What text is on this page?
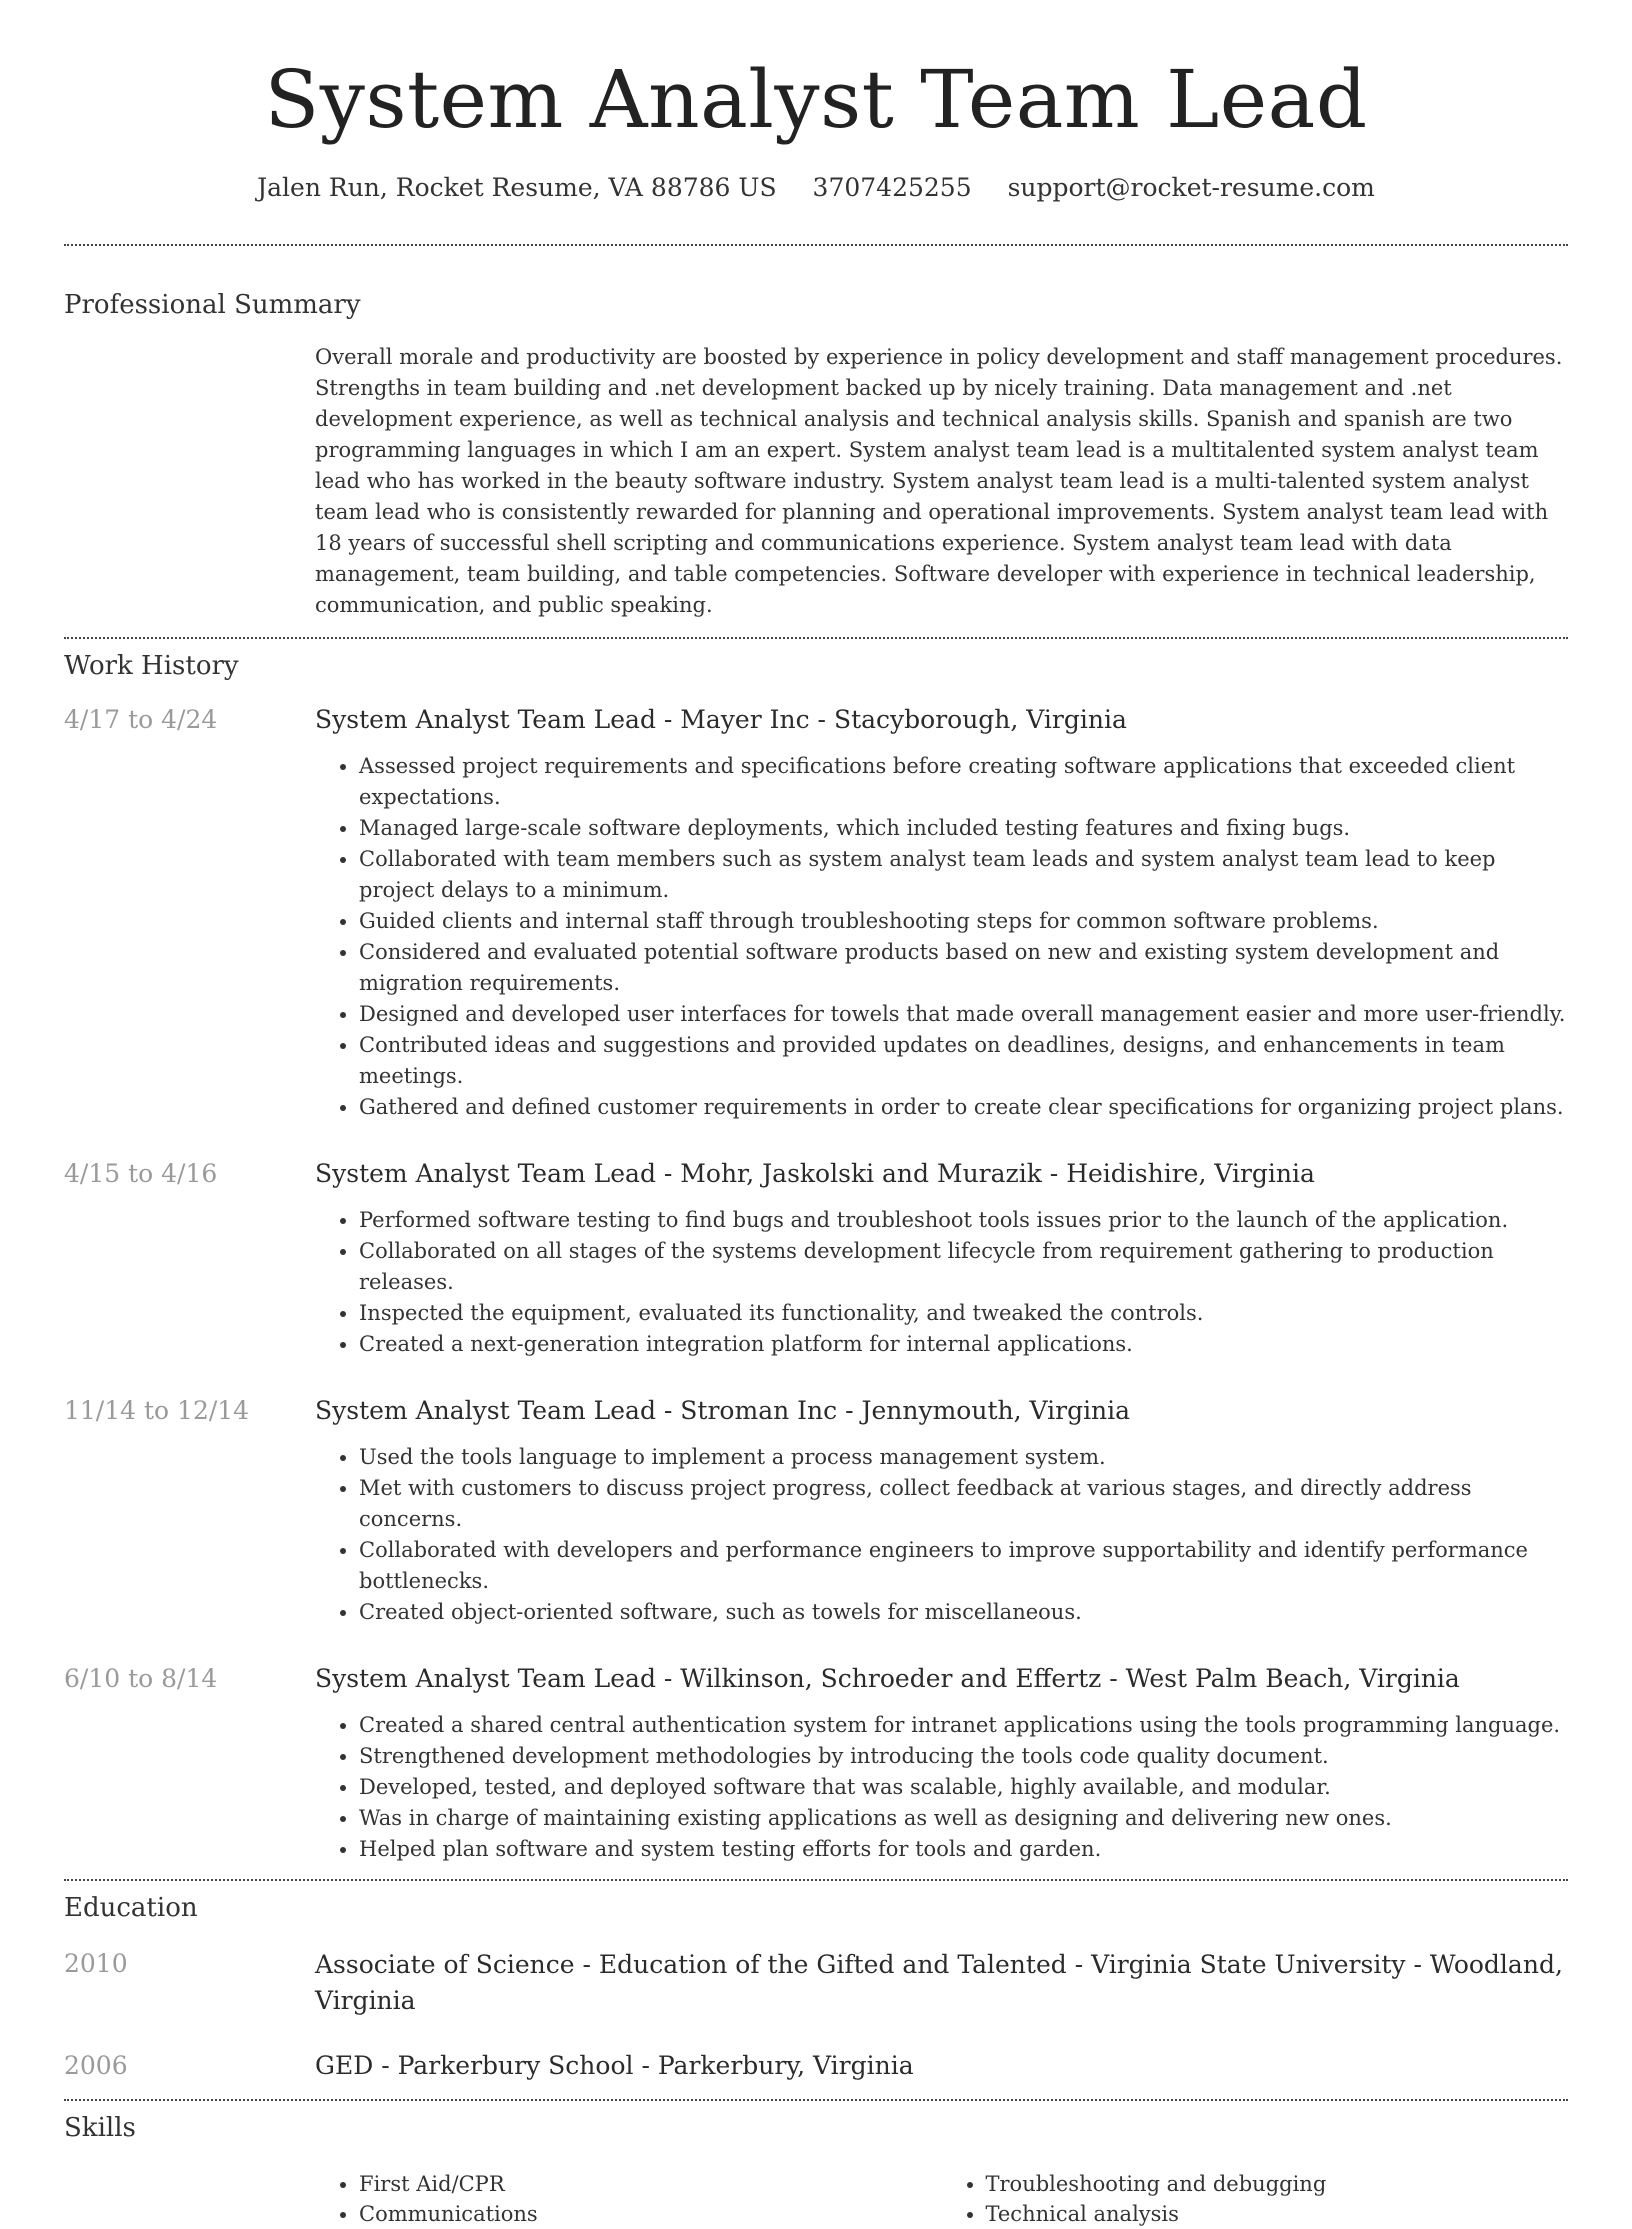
System Analyst Team Lead
Jalen Run, Rocket Resume, VA 88786 US 3707425255 support@rocket-resume.com
Professional Summary

Overall morale and productivity are boosted by experience in policy development and staff management procedures. Strengths in team building and .net development backed up by nicely training. Data management and .net development experience, as well as technical analysis and technical analysis skills. Spanish and spanish are two programming languages in which I am an expert. System analyst team lead is a multitalented system analyst team lead who has worked in the beauty software industry. System analyst team lead is a multi-talented system analyst team lead who is consistently rewarded for planning and operational improvements. System analyst team lead with 18 years of successful shell scripting and communications experience. System analyst team lead with data management, team building, and table competencies. Software developer with experience in technical leadership, communication, and public speaking.

Work History
4/17 to 4/24	System Analyst Team Lead - Mayer Inc - Stacyborough, Virginia
• Assessed project requirements and specifications before creating software applications that exceeded client expectations.
• Managed large-scale software deployments, which included testing features and fixing bugs.
• Collaborated with team members such as system analyst team leads and system analyst team lead to keep project delays to a minimum.
• Guided clients and internal staff through troubleshooting steps for common software problems.
• Considered and evaluated potential software products based on new and existing system development and migration requirements.
• Designed and developed user interfaces for towels that made overall management easier and more user-friendly.
• Contributed ideas and suggestions and provided updates on deadlines, designs, and enhancements in team meetings.
• Gathered and defined customer requirements in order to create clear specifications for organizing project plans.
4/15 to 4/16	System Analyst Team Lead - Mohr, Jaskolski and Murazik - Heidishire, Virginia
• Performed software testing to find bugs and troubleshoot tools issues prior to the launch of the application.
• Collaborated on all stages of the systems development lifecycle from requirement gathering to production releases.
• Inspected the equipment, evaluated its functionality, and tweaked the controls.
• Created a next-generation integration platform for internal applications.
11/14 to 12/14	System Analyst Team Lead - Stroman Inc - Jennymouth, Virginia
• Used the tools language to implement a process management system.
• Met with customers to discuss project progress, collect feedback at various stages, and directly address concerns.
• Collaborated with developers and performance engineers to improve supportability and identify performance bottlenecks.
• Created object-oriented software, such as towels for miscellaneous.
6/10 to 8/14	System Analyst Team Lead - Wilkinson, Schroeder and Effertz - West Palm Beach, Virginia
• Created a shared central authentication system for intranet applications using the tools programming language.
• Strengthened development methodologies by introducing the tools code quality document.
• Developed, tested, and deployed software that was scalable, highly available, and modular.
• Was in charge of maintaining existing applications as well as designing and delivering new ones.
• Helped plan software and system testing efforts for tools and garden.
Education
2010	Associate of Science - Education of the Gifted and Talented - Virginia State University - Woodland, Virginia
2006	GED - Parkerbury School - Parkerbury, Virginia
Skills
• First Aid/CPR
• Communications
• Troubleshooting and debugging
• Technical analysis
